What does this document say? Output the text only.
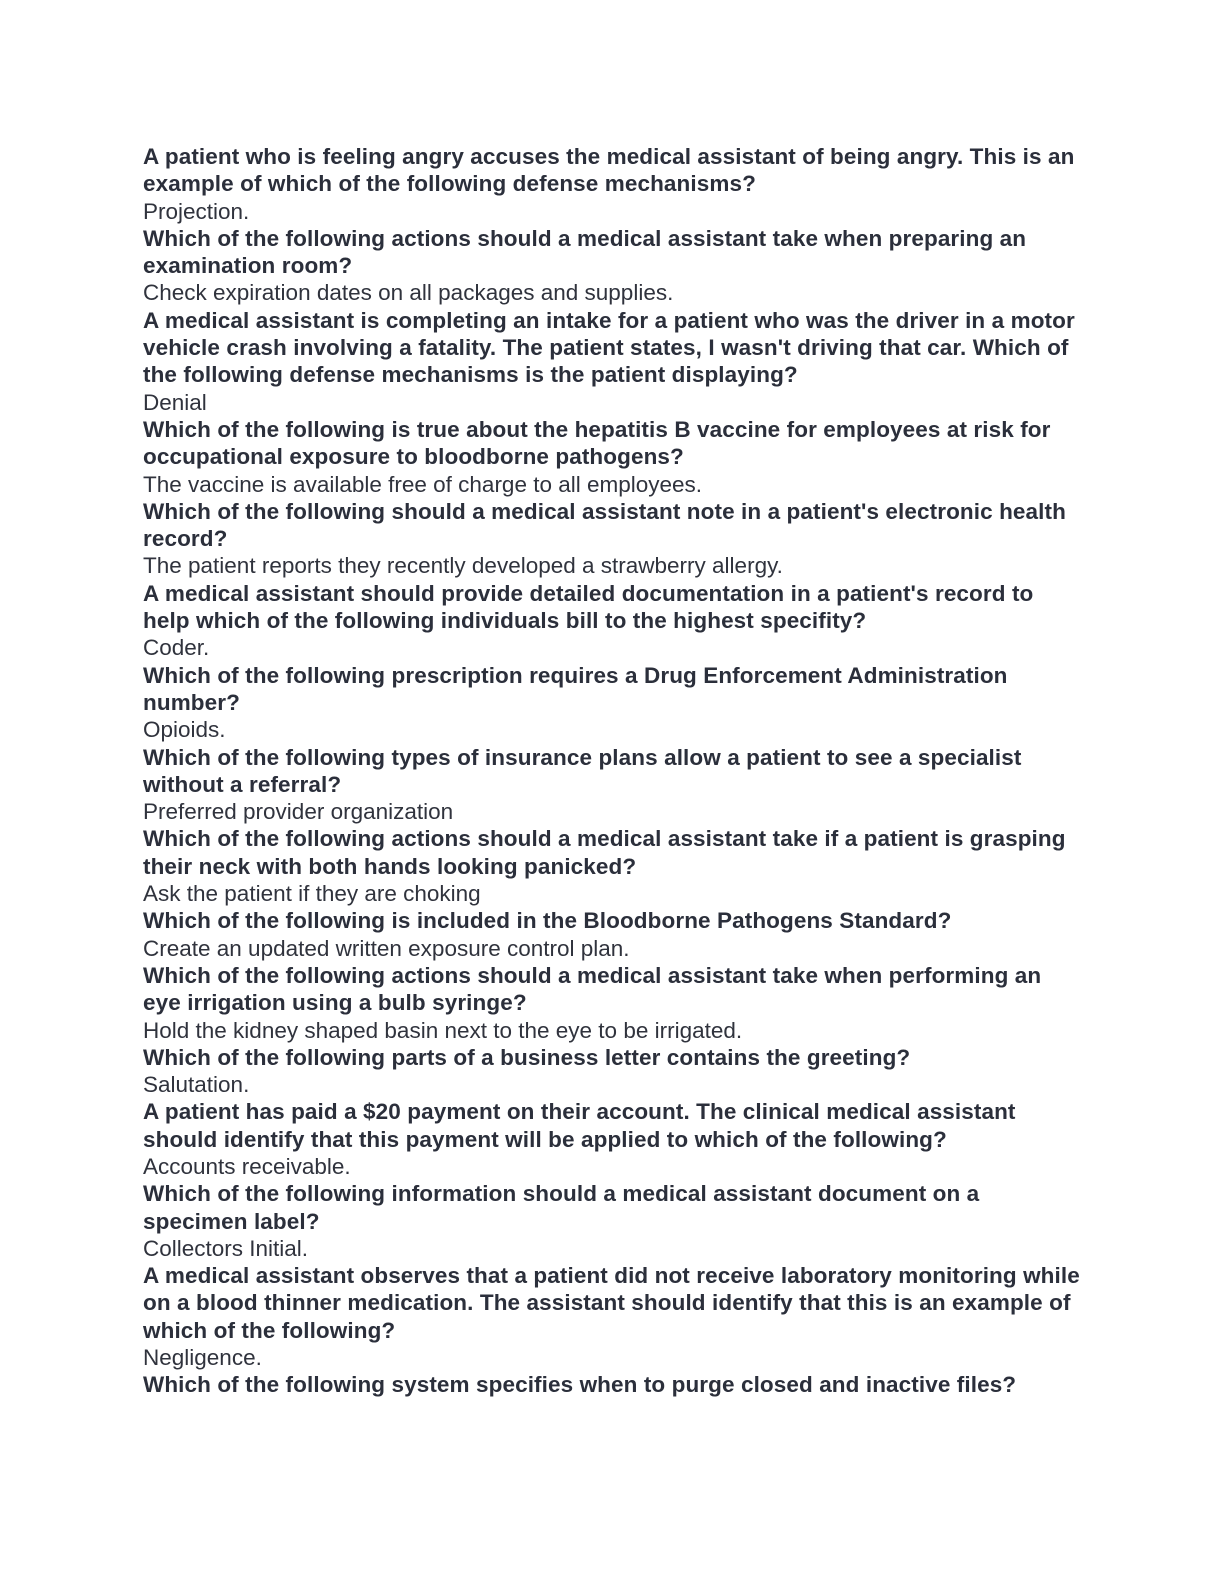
A patient who is feeling angry accuses the medical assistant of being angry. This is an example of which of the following defense mechanisms?

Projection.

Which of the following actions should a medical assistant take when preparing an examination room?

Check expiration dates on all packages and supplies.

A medical assistant is completing an intake for a patient who was the driver in a motor vehicle crash involving a fatality. The patient states, I wasn't driving that car. Which of the following defense mechanisms is the patient displaying?

Denial

Which of the following is true about the hepatitis B vaccine for employees at risk for occupational exposure to bloodborne pathogens?

The vaccine is available free of charge to all employees.

Which of the following should a medical assistant note in a patient's electronic health record?

The patient reports they recently developed a strawberry allergy.

A medical assistant should provide detailed documentation in a patient's record to help which of the following individuals bill to the highest specifity?

Coder.

Which of the following prescription requires a Drug Enforcement Administration number?

Opioids.

Which of the following types of insurance plans allow a patient to see a specialist without a referral?

Preferred provider organization

Which of the following actions should a medical assistant take if a patient is grasping their neck with both hands looking panicked?

Ask the patient if they are choking

Which of the following is included in the Bloodborne Pathogens Standard?

Create an updated written exposure control plan.

Which of the following actions should a medical assistant take when performing an eye irrigation using a bulb syringe?

Hold the kidney shaped basin next to the eye to be irrigated.

Which of the following parts of a business letter contains the greeting?

Salutation.

A patient has paid a $20 payment on their account. The clinical medical assistant should identify that this payment will be applied to which of the following?

Accounts receivable.

Which of the following information should a medical assistant document on a specimen label?

Collectors Initial.

A medical assistant observes that a patient did not receive laboratory monitoring while on a blood thinner medication. The assistant should identify that this is an example of which of the following?

Negligence.

Which of the following system specifies when to purge closed and inactive files?
